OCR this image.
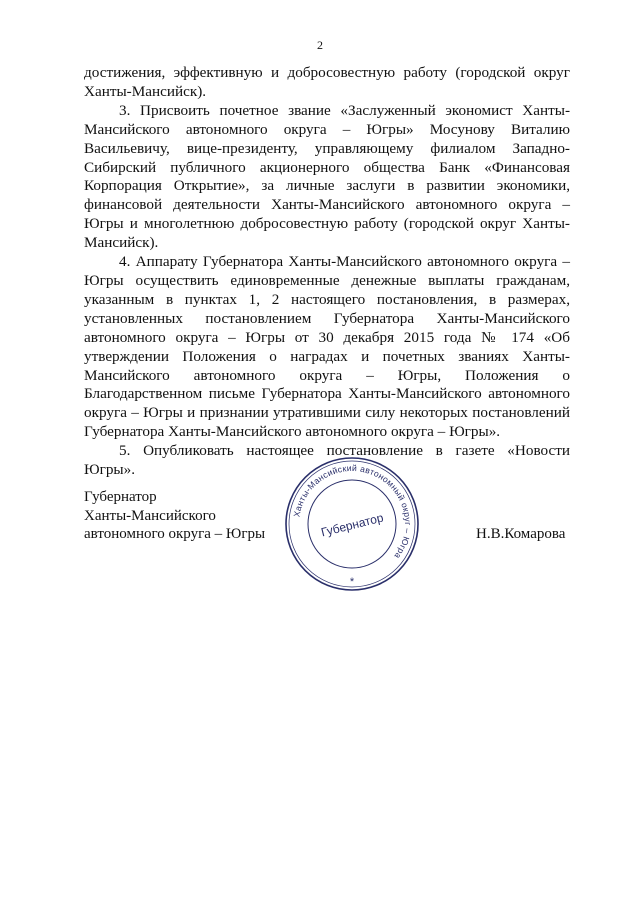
2

достижения, эффективную и добросовестную работу (городской округ Ханты-Мансийск).

3. Присвоить почетное звание «Заслуженный экономист Ханты-Мансийского автономного округа – Югры» Мосунову Виталию Васильевичу, вице-президенту, управляющему филиалом Западно-Сибирский публичного акционерного общества Банк «Финансовая Корпорация Открытие», за личные заслуги в развитии экономики, финансовой деятельности Ханты-Мансийского автономного округа – Югры и многолетнюю добросовестную работу (городской округ Ханты-Мансийск).

4. Аппарату Губернатора Ханты-Мансийского автономного округа – Югры осуществить единовременные денежные выплаты гражданам, указанным в пунктах 1, 2 настоящего постановления, в размерах, установленных постановлением Губернатора Ханты-Мансийского автономного округа – Югры от 30 декабря 2015 года № 174 «Об утверждении Положения о наградах и почетных званиях Ханты-Мансийского автономного округа – Югры, Положения о Благодарственном письме Губернатора Ханты-Мансийского автономного округа – Югры и признании утратившими силу некоторых постановлений Губернатора Ханты-Мансийского автономного округа – Югры».

5. Опубликовать настоящее постановление в газете «Новости Югры».

Губернатор
Ханты-Мансийского
автономного округа – Югры
Ханты-Мансийский автономный округ – Югра
Губернатор
*
Н.В.Комарова
